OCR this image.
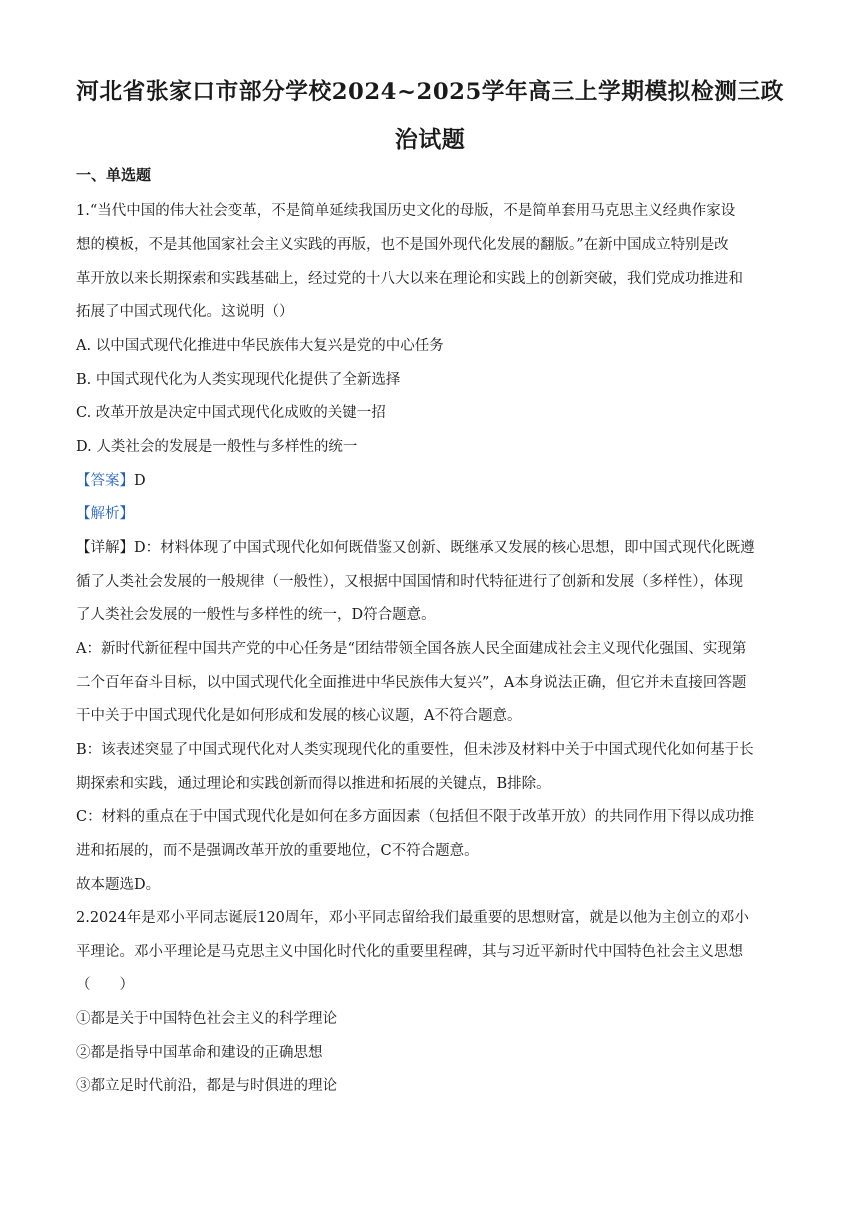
河北省张家口市部分学校2024~2025学年高三上学期模拟检测三政
治试题
一、单选题
1.“当代中国的伟大社会变革，不是简单延续我国历史文化的母版，不是简单套用马克思主义经典作家设
想的模板，不是其他国家社会主义实践的再版，也不是国外现代化发展的翻版。”在新中国成立特别是改
革开放以来长期探索和实践基础上，经过党的十八大以来在理论和实践上的创新突破，我们党成功推进和
拓展了中国式现代化。这说明（）
A. 以中国式现代化推进中华民族伟大复兴是党的中心任务
B. 中国式现代化为人类实现现代化提供了全新选择
C. 改革开放是决定中国式现代化成败的关键一招
D. 人类社会的发展是一般性与多样性的统一
【答案】D
【解析】
【详解】D：材料体现了中国式现代化如何既借鉴又创新、既继承又发展的核心思想，即中国式现代化既遵
循了人类社会发展的一般规律（一般性），又根据中国国情和时代特征进行了创新和发展（多样性），体现
了人类社会发展的一般性与多样性的统一，D符合题意。
A：新时代新征程中国共产党的中心任务是“团结带领全国各族人民全面建成社会主义现代化强国、实现第
二个百年奋斗目标，以中国式现代化全面推进中华民族伟大复兴”，A本身说法正确，但它并未直接回答题
干中关于中国式现代化是如何形成和发展的核心议题，A不符合题意。
B：该表述突显了中国式现代化对人类实现现代化的重要性，但未涉及材料中关于中国式现代化如何基于长
期探索和实践，通过理论和实践创新而得以推进和拓展的关键点，B排除。
C：材料的重点在于中国式现代化是如何在多方面因素（包括但不限于改革开放）的共同作用下得以成功推
进和拓展的，而不是强调改革开放的重要地位，C不符合题意。
故本题选D。
2.2024年是邓小平同志诞辰120周年，邓小平同志留给我们最重要的思想财富，就是以他为主创立的邓小
平理论。邓小平理论是马克思主义中国化时代化的重要里程碑，其与习近平新时代中国特色社会主义思想
（　　）
①都是关于中国特色社会主义的科学理论
②都是指导中国革命和建设的正确思想
③都立足时代前沿，都是与时俱进的理论
